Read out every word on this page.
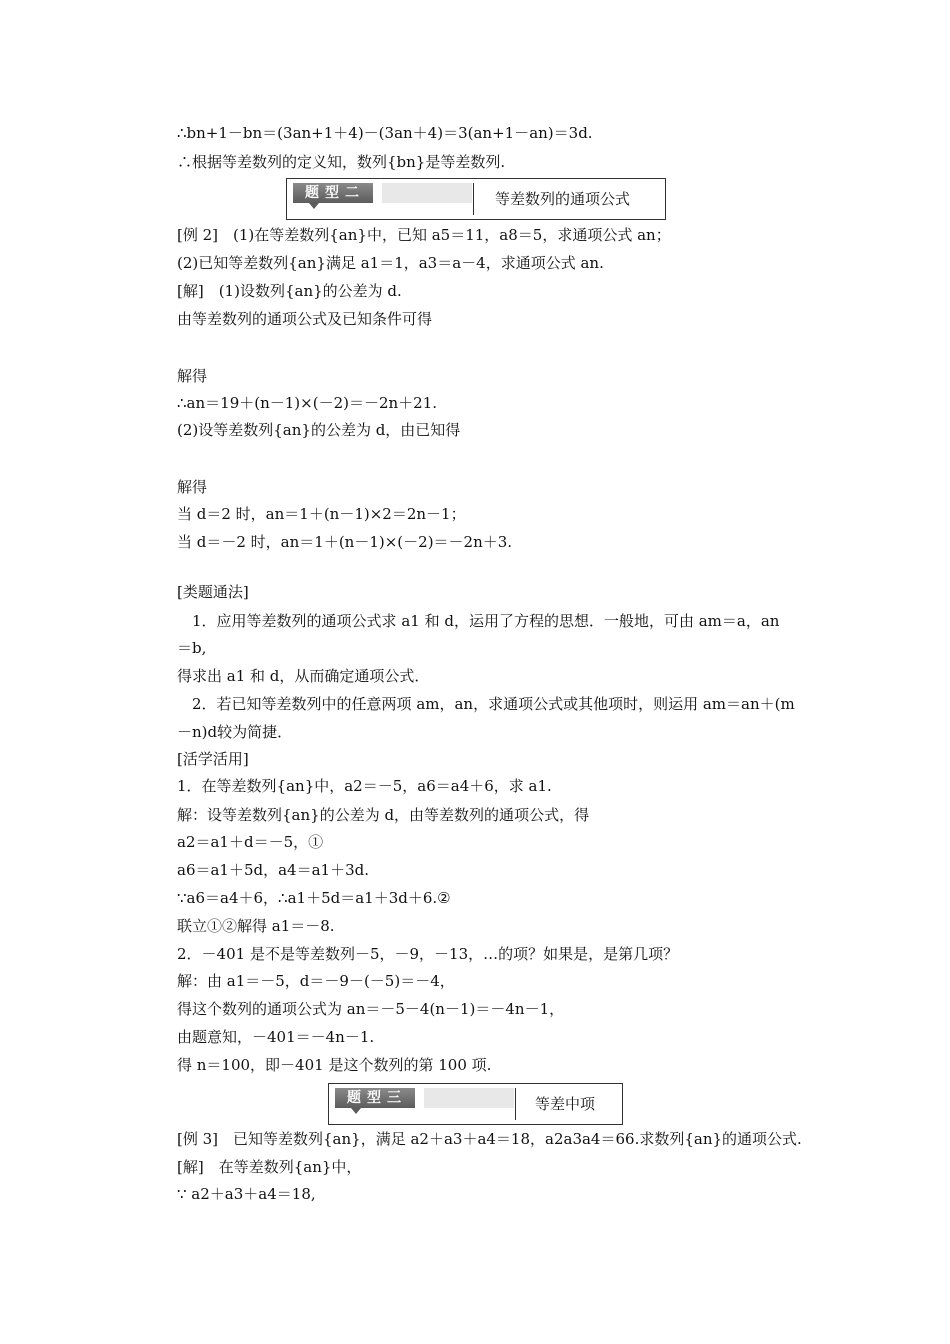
∴bn+1－bn＝(3an+1＋4)－(3an＋4)＝3(an+1－an)＝3d.
∴根据等差数列的定义知，数列{bn}是等差数列.
题型二	等差数列的通项公式
[例 2]　(1)在等差数列{an}中，已知 a5＝11，a8＝5，求通项公式 an；
(2)已知等差数列{an}满足 a1＝1，a3＝a－4，求通项公式 an.
[解]　(1)设数列{an}的公差为 d.
由等差数列的通项公式及已知条件可得
解得
∴an＝19＋(n－1)×(－2)＝－2n＋21.
(2)设等差数列{an}的公差为 d，由已知得
解得
当 d＝2 时，an＝1＋(n－1)×2＝2n－1；
当 d＝－2 时，an＝1＋(n－1)×(－2)＝－2n＋3.
[类题通法]
1．应用等差数列的通项公式求 a1 和 d，运用了方程的思想．一般地，可由 am＝a，an
＝b,
得求出 a1 和 d，从而确定通项公式．
2．若已知等差数列中的任意两项 am，an，求通项公式或其他项时，则运用 am＝an＋(m
－n)d较为简捷．
[活学活用]
1．在等差数列{an}中，a2＝－5，a6＝a4＋6，求 a1.
解：设等差数列{an}的公差为 d，由等差数列的通项公式，得
a2＝a1＋d＝－5，①
a6＝a1＋5d，a4＝a1＋3d.
∵a6＝a4＋6，∴a1＋5d＝a1＋3d＋6.②
联立①②解得 a1＝－8.
2．－401 是不是等差数列－5，－9，－13，…的项？如果是，是第几项？
解：由 a1＝－5，d＝－9－(－5)＝－4，
得这个数列的通项公式为 an＝－5－4(n－1)＝－4n－1，
由题意知，－401＝－4n－1.
得 n＝100，即－401 是这个数列的第 100 项.
题型三	等差中项
[例 3]　已知等差数列{an}，满足 a2＋a3＋a4＝18，a2a3a4＝66.求数列{an}的通项公式.
[解]　在等差数列{an}中，
∵ a2＋a3＋a4＝18,
